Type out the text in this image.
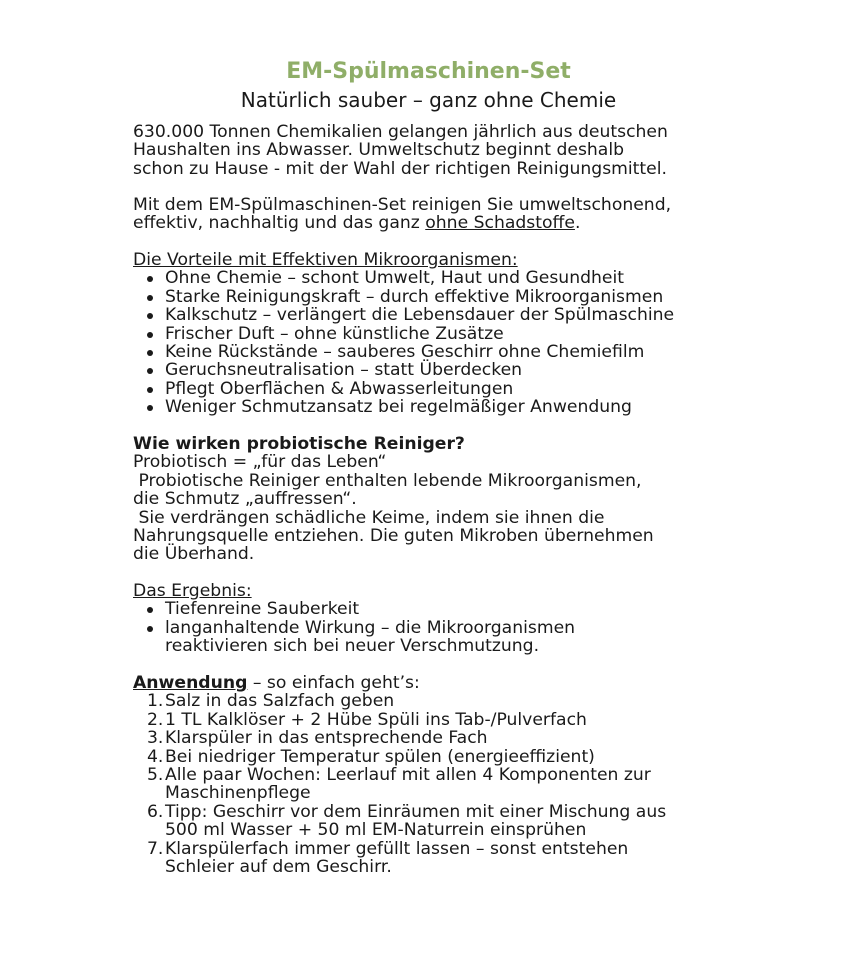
EM-Spülmaschinen-Set
Natürlich sauber – ganz ohne Chemie
630.000 Tonnen Chemikalien gelangen jährlich aus deutschen
Haushalten ins Abwasser. Umweltschutz beginnt deshalb
schon zu Hause - mit der Wahl der richtigen Reinigungsmittel.
Mit dem EM-Spülmaschinen-Set reinigen Sie umweltschonend,
effektiv, nachhaltig und das ganz ohne Schadstoffe.
Die Vorteile mit Effektiven Mikroorganismen:
Ohne Chemie – schont Umwelt, Haut und Gesundheit
Starke Reinigungskraft – durch effektive Mikroorganismen
Kalkschutz – verlängert die Lebensdauer der Spülmaschine
Frischer Duft – ohne künstliche Zusätze
Keine Rückstände – sauberes Geschirr ohne Chemiefilm
Geruchsneutralisation – statt Überdecken
Pflegt Oberflächen & Abwasserleitungen
Weniger Schmutzansatz bei regelmäßiger Anwendung
Wie wirken probiotische Reiniger?
Probiotisch = „für das Leben“
Probiotische Reiniger enthalten lebende Mikroorganismen,
die Schmutz „auffressen“.
Sie verdrängen schädliche Keime, indem sie ihnen die
Nahrungsquelle entziehen. Die guten Mikroben übernehmen
die Überhand.
Das Ergebnis:
Tiefenreine Sauberkeit
langanhaltende Wirkung – die Mikroorganismen
reaktivieren sich bei neuer Verschmutzung.
Anwendung – so einfach geht’s:
1. Salz in das Salzfach geben
2. 1 TL Kalklöser + 2 Hübe Spüli ins Tab-/Pulverfach
3. Klarspüler in das entsprechende Fach
4. Bei niedriger Temperatur spülen (energieeffizient)
5. Alle paar Wochen: Leerlauf mit allen 4 Komponenten zur
Maschinenpflege
6. Tipp: Geschirr vor dem Einräumen mit einer Mischung aus
500 ml Wasser + 50 ml EM-Naturrein einsprühen
7. Klarspülerfach immer gefüllt lassen – sonst entstehen
Schleier auf dem Geschirr.
